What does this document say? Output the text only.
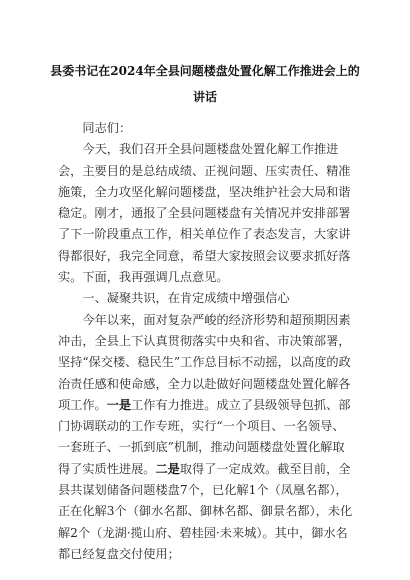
县委书记在2024年全县问题楼盘处置化解工作推进会上的
讲话

同志们：

今天，我们召开全县问题楼盘处置化解工作推进会，主要目的是总结成绩、正视问题、压实责任、精准施策，全力攻坚化解问题楼盘，坚决维护社会大局和谐稳定。刚才，通报了全县问题楼盘有关情况并安排部署了下一阶段重点工作，相关单位作了表态发言，大家讲得都很好，我完全同意，希望大家按照会议要求抓好落实。下面，我再强调几点意见。

一、凝聚共识，在肯定成绩中增强信心

今年以来，面对复杂严峻的经济形势和超预期因素冲击，全县上下认真贯彻落实中央和省、市决策部署，坚持“保交楼、稳民生”工作总目标不动摇，以高度的政治责任感和使命感，全力以赴做好问题楼盘处置化解各项工作。一是工作有力推进。成立了县级领导包抓、部门协调联动的工作专班，实行“一个项目、一名领导、一套班子、一抓到底”机制，推动问题楼盘处置化解取得了实质性进展。二是取得了一定成效。截至目前，全县共谋划储备问题楼盘7个，已化解1个（凤凰名都），正在化解3个（御水名都、御林名都、御景名都），未化解2个（龙湖·揽山府、碧桂园·未来城）。其中，御水名都已经复盘交付使用；
